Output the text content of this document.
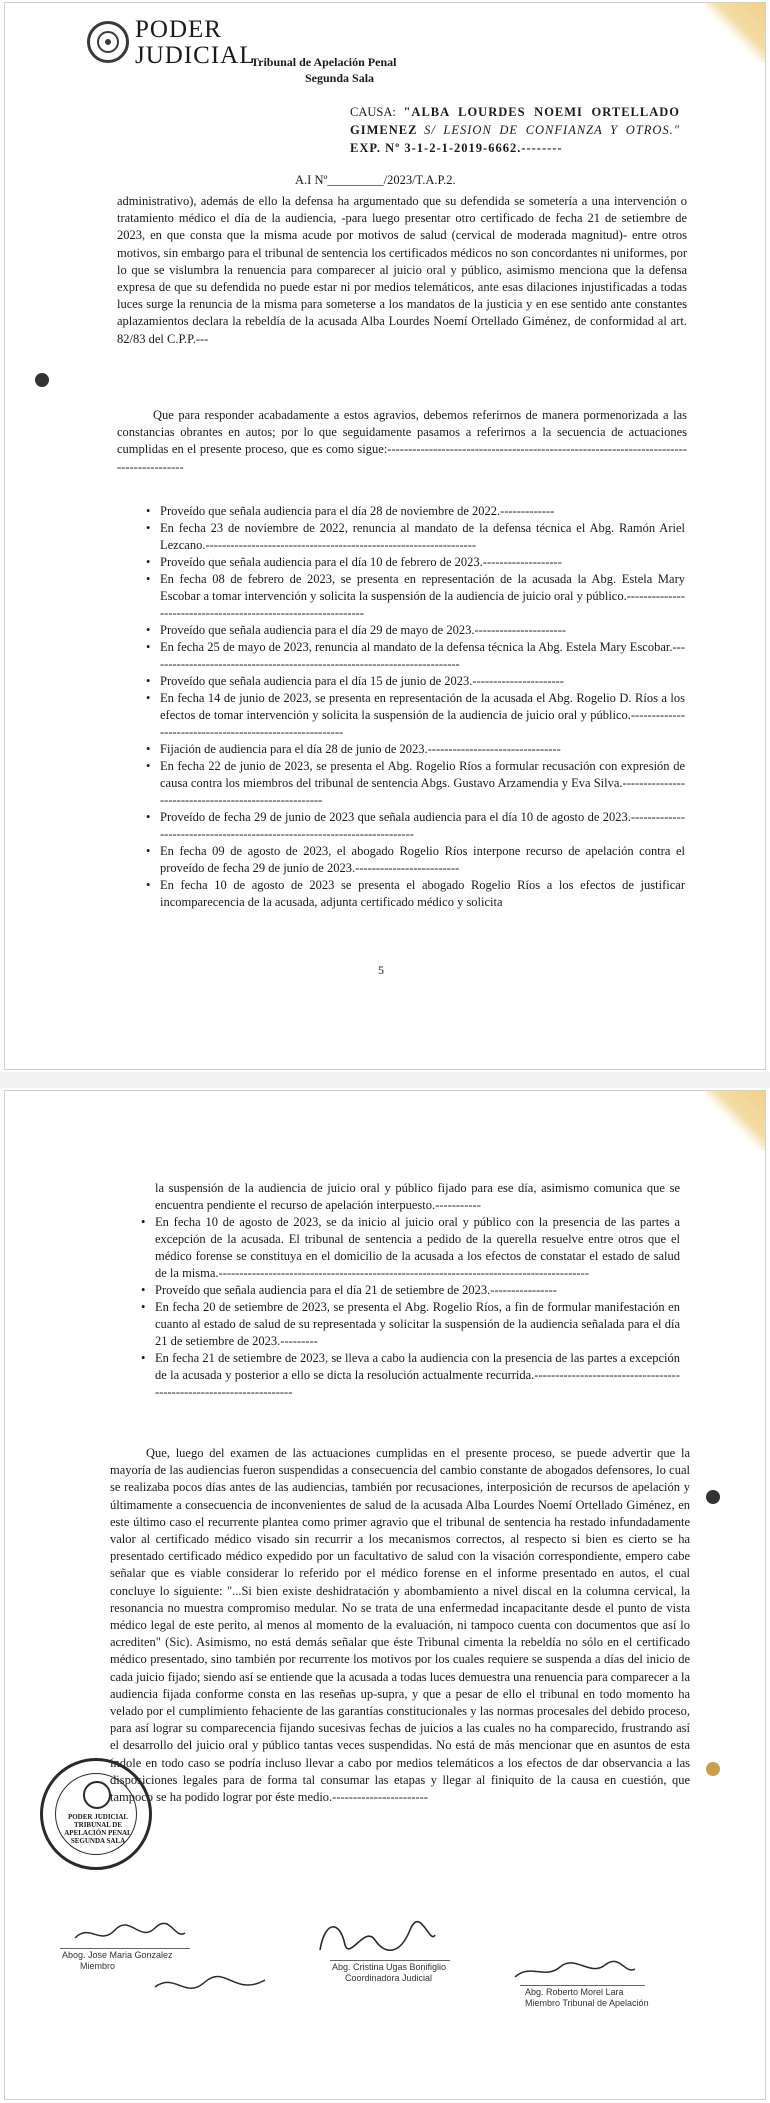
PODER
JUDICIAL
Tribunal de Apelación Penal
Segunda Sala
CAUSA: "ALBA LOURDES NOEMI ORTELLADO GIMENEZ S/ LESION DE CONFIANZA Y OTROS." EXP. Nº 3-1-2-1-2019-6662.--------
A.I Nº_________/2023/T.A.P.2.
administrativo), además de ello la defensa ha argumentado que su defendida se sometería a una intervención o tratamiento médico el día de la audiencia, -para luego presentar otro certificado de fecha 21 de setiembre de 2023, en que consta que la misma acude por motivos de salud (cervical de moderada magnitud)- entre otros motivos, sin embargo para el tribunal de sentencia los certificados médicos no son concordantes ni uniformes, por lo que se vislumbra la renuencia para comparecer al juicio oral y público, asimismo menciona que la defensa expresa de que su defendida no puede estar ni por medios telemáticos, ante esas dilaciones injustificadas a todas luces surge la renuncia de la misma para someterse a los mandatos de la justicia y en ese sentido ante constantes aplazamientos declara la rebeldía de la acusada Alba Lourdes Noemí Ortellado Giménez, de conformidad al art. 82/83 del C.P.P.---
Que para responder acabadamente a estos agravios, debemos referirnos de manera pormenorizada a las constancias obrantes en autos; por lo que seguidamente pasamos a referirnos a la secuencia de actuaciones cumplidas en el presente proceso, que es como sigue:----------------------------------------------------------------------------------------
• Proveído que señala audiencia para el día 28 de noviembre de 2022.-------------
• En fecha 23 de noviembre de 2022, renuncia al mandato de la defensa técnica el Abg. Ramón Ariel Lezcano.-----------------------------------------------------------------
• Proveído que señala audiencia para el día 10 de febrero de 2023.-------------------
• En fecha 08 de febrero de 2023, se presenta en representación de la acusada la Abg. Estela Mary Escobar a tomar intervención y solicita la suspensión de la audiencia de juicio oral y público.---------------------------------------------------------------
• Proveído que señala audiencia para el día 29 de mayo de 2023.----------------------
• En fecha 25 de mayo de 2023, renuncia al mandato de la defensa técnica la Abg. Estela Mary Escobar.---------------------------------------------------------------------------
• Proveído que señala audiencia para el día 15 de junio de 2023.----------------------
• En fecha 14 de junio de 2023, se presenta en representación de la acusada el Abg. Rogelio D. Ríos a los efectos de tomar intervención y solicita la suspensión de la audiencia de juicio oral y público.---------------------------------------------------------
• Fijación de audiencia para el día 28 de junio de 2023.--------------------------------
• En fecha 22 de junio de 2023, se presenta el Abg. Rogelio Ríos a formular recusación con expresión de causa contra los miembros del tribunal de sentencia Abgs. Gustavo Arzamendia y Eva Silva.------------------------------------------------------
• Proveído de fecha 29 de junio de 2023 que señala audiencia para el día 10 de agosto de 2023.--------------------------------------------------------------------------
• En fecha 09 de agosto de 2023, el abogado Rogelio Ríos interpone recurso de apelación contra el proveído de fecha 29 de junio de 2023.-------------------------
• En fecha 10 de agosto de 2023 se presenta el abogado Rogelio Ríos a los efectos de justificar incomparecencia de la acusada, adjunta certificado médico y solicita
5
la suspensión de la audiencia de juicio oral y público fijado para ese día, asimismo comunica que se encuentra pendiente el recurso de apelación interpuesto.-----------
• En fecha 10 de agosto de 2023, se da inicio al juicio oral y público con la presencia de las partes a excepción de la acusada. El tribunal de sentencia a pedido de la querella resuelve entre otros que el médico forense se constituya en el domicilio de la acusada a los efectos de constatar el estado de salud de la misma.-----------------------------------------------------------------------------------------
• Proveído que señala audiencia para el día 21 de setiembre de 2023.----------------
• En fecha 20 de setiembre de 2023, se presenta el Abg. Rogelio Ríos, a fin de formular manifestación en cuanto al estado de salud de su representada y solicitar la suspensión de la audiencia señalada para el día 21 de setiembre de 2023.---------
• En fecha 21 de setiembre de 2023, se lleva a cabo la audiencia con la presencia de las partes a excepción de la acusada y posterior a ello se dicta la resolución actualmente recurrida.--------------------------------------------------------------------
Que, luego del examen de las actuaciones cumplidas en el presente proceso, se puede advertir que la mayoría de las audiencias fueron suspendidas a consecuencia del cambio constante de abogados defensores, lo cual se realizaba pocos días antes de las audiencias, también por recusaciones, interposición de recursos de apelación y últimamente a consecuencia de inconvenientes de salud de la acusada Alba Lourdes Noemí Ortellado Giménez, en este último caso el recurrente plantea como primer agravio que el tribunal de sentencia ha restado infundadamente valor al certificado médico visado sin recurrir a los mecanismos correctos, al respecto si bien es cierto se ha presentado certificado médico expedido por un facultativo de salud con la visación correspondiente, empero cabe señalar que es viable considerar lo referido por el médico forense en el informe presentado en autos, el cual concluye lo siguiente: "...Si bien existe deshidratación y abombamiento a nivel discal en la columna cervical, la resonancia no muestra compromiso medular. No se trata de una enfermedad incapacitante desde el punto de vista médico legal de este perito, al menos al momento de la evaluación, ni tampoco cuenta con documentos que así lo acrediten" (Sic). Asimismo, no está demás señalar que éste Tribunal cimenta la rebeldía no sólo en el certificado médico presentado, sino también por recurrente los motivos por los cuales requiere se suspenda a días del inicio de cada juicio fijado; siendo así se entiende que la acusada a todas luces demuestra una renuencia para comparecer a la audiencia fijada conforme consta en las reseñas up-supra, y que a pesar de ello el tribunal en todo momento ha velado por el cumplimiento fehaciente de las garantías constitucionales y las normas procesales del debido proceso, para así lograr su comparecencia fijando sucesivas fechas de juicios a las cuales no ha comparecido, frustrando así el desarrollo del juicio oral y público tantas veces suspendidas. No está de más mencionar que en asuntos de esta índole en todo caso se podría incluso llevar a cabo por medios telemáticos a los efectos de dar observancia a las disposiciones legales para de forma tal consumar las etapas y llegar al finiquito de la causa en cuestión, que tampoco se ha podido lograr por éste medio.-----------------------
PODER JUDICIAL
TRIBUNAL DE APELACIÓN PENAL SEGUNDA SALA
Abog. Jose Maria Gonzalez
Miembro	Abg. Cristina Ugas Bonifiglio
Coordinadora Judicial
Abg. Roberto Morel Lara
Miembro Tribunal de Apelación
